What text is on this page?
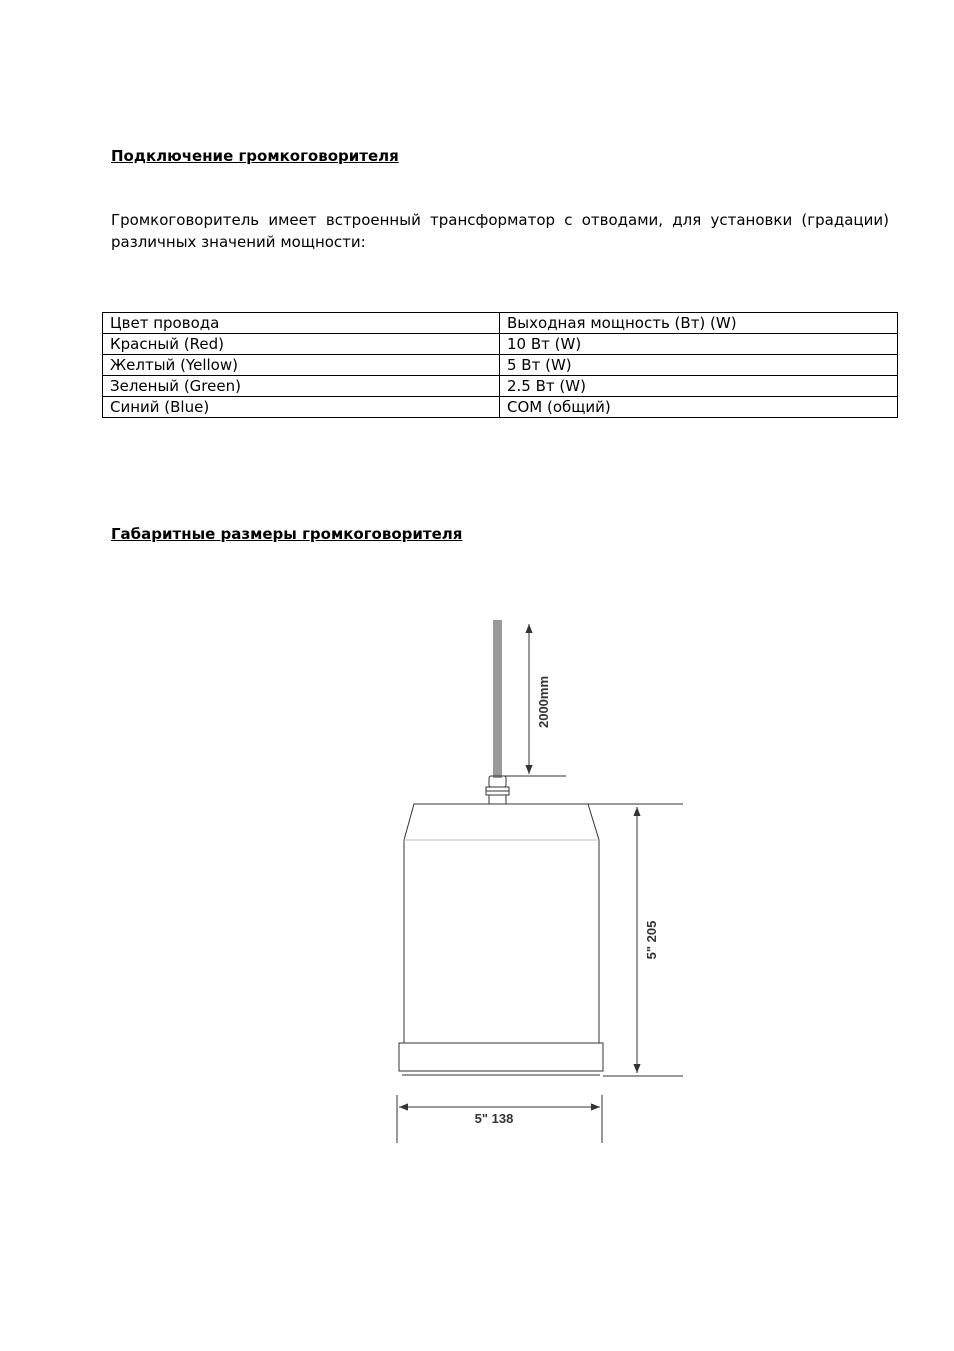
Подключение громкоговорителя

Громкоговоритель имеет встроенный трансформатор с отводами, для установки (градации) различных значений мощности:

Цвет провода	Выходная мощность (Вт) (W)
Красный (Red)	10 Вт (W)
Желтый (Yellow)	5 Вт (W)
Зеленый (Green)	2.5 Вт (W)
Синий (Blue)	COM (общий)
Габаритные размеры громкоговорителя
2000mm
5" 205
5" 138
